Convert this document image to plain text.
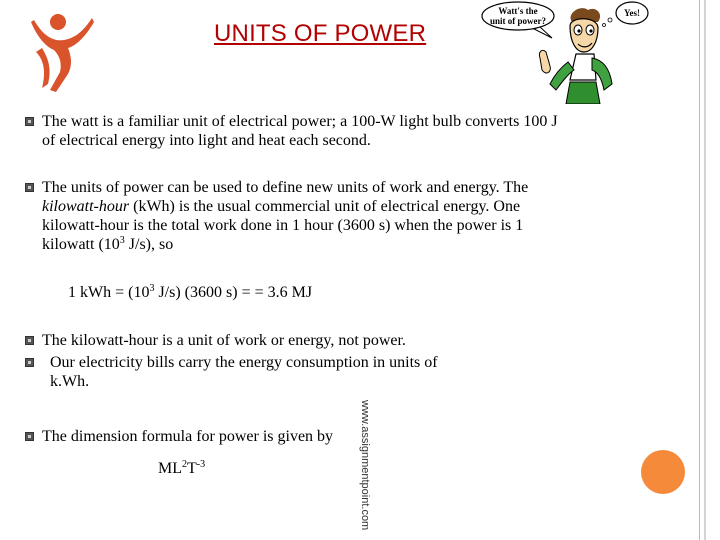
UNITS OF POWER
Watt's the
unit of power?
Yes!
The watt is a familiar unit of electrical power; a 100-W light bulb converts 100 J
of electrical energy into light and heat each second.
The units of power can be used to define new units of work and energy. The
kilowatt-hour (kWh) is the usual commercial unit of electrical energy. One
kilowatt-hour is the total work done in 1 hour (3600 s) when the power is 1
kilowatt ($10^3$ J/s), so
1 kWh = ($10^3$ J/s) (3600 s) = = 3.6 MJ
The kilowatt-hour is a unit of work or energy, not power.
Our electricity bills carry the energy consumption in units of
k.Wh.
The dimension formula for power is given by
$ML^2T^{-3}$	www.assignmentpoint.com
